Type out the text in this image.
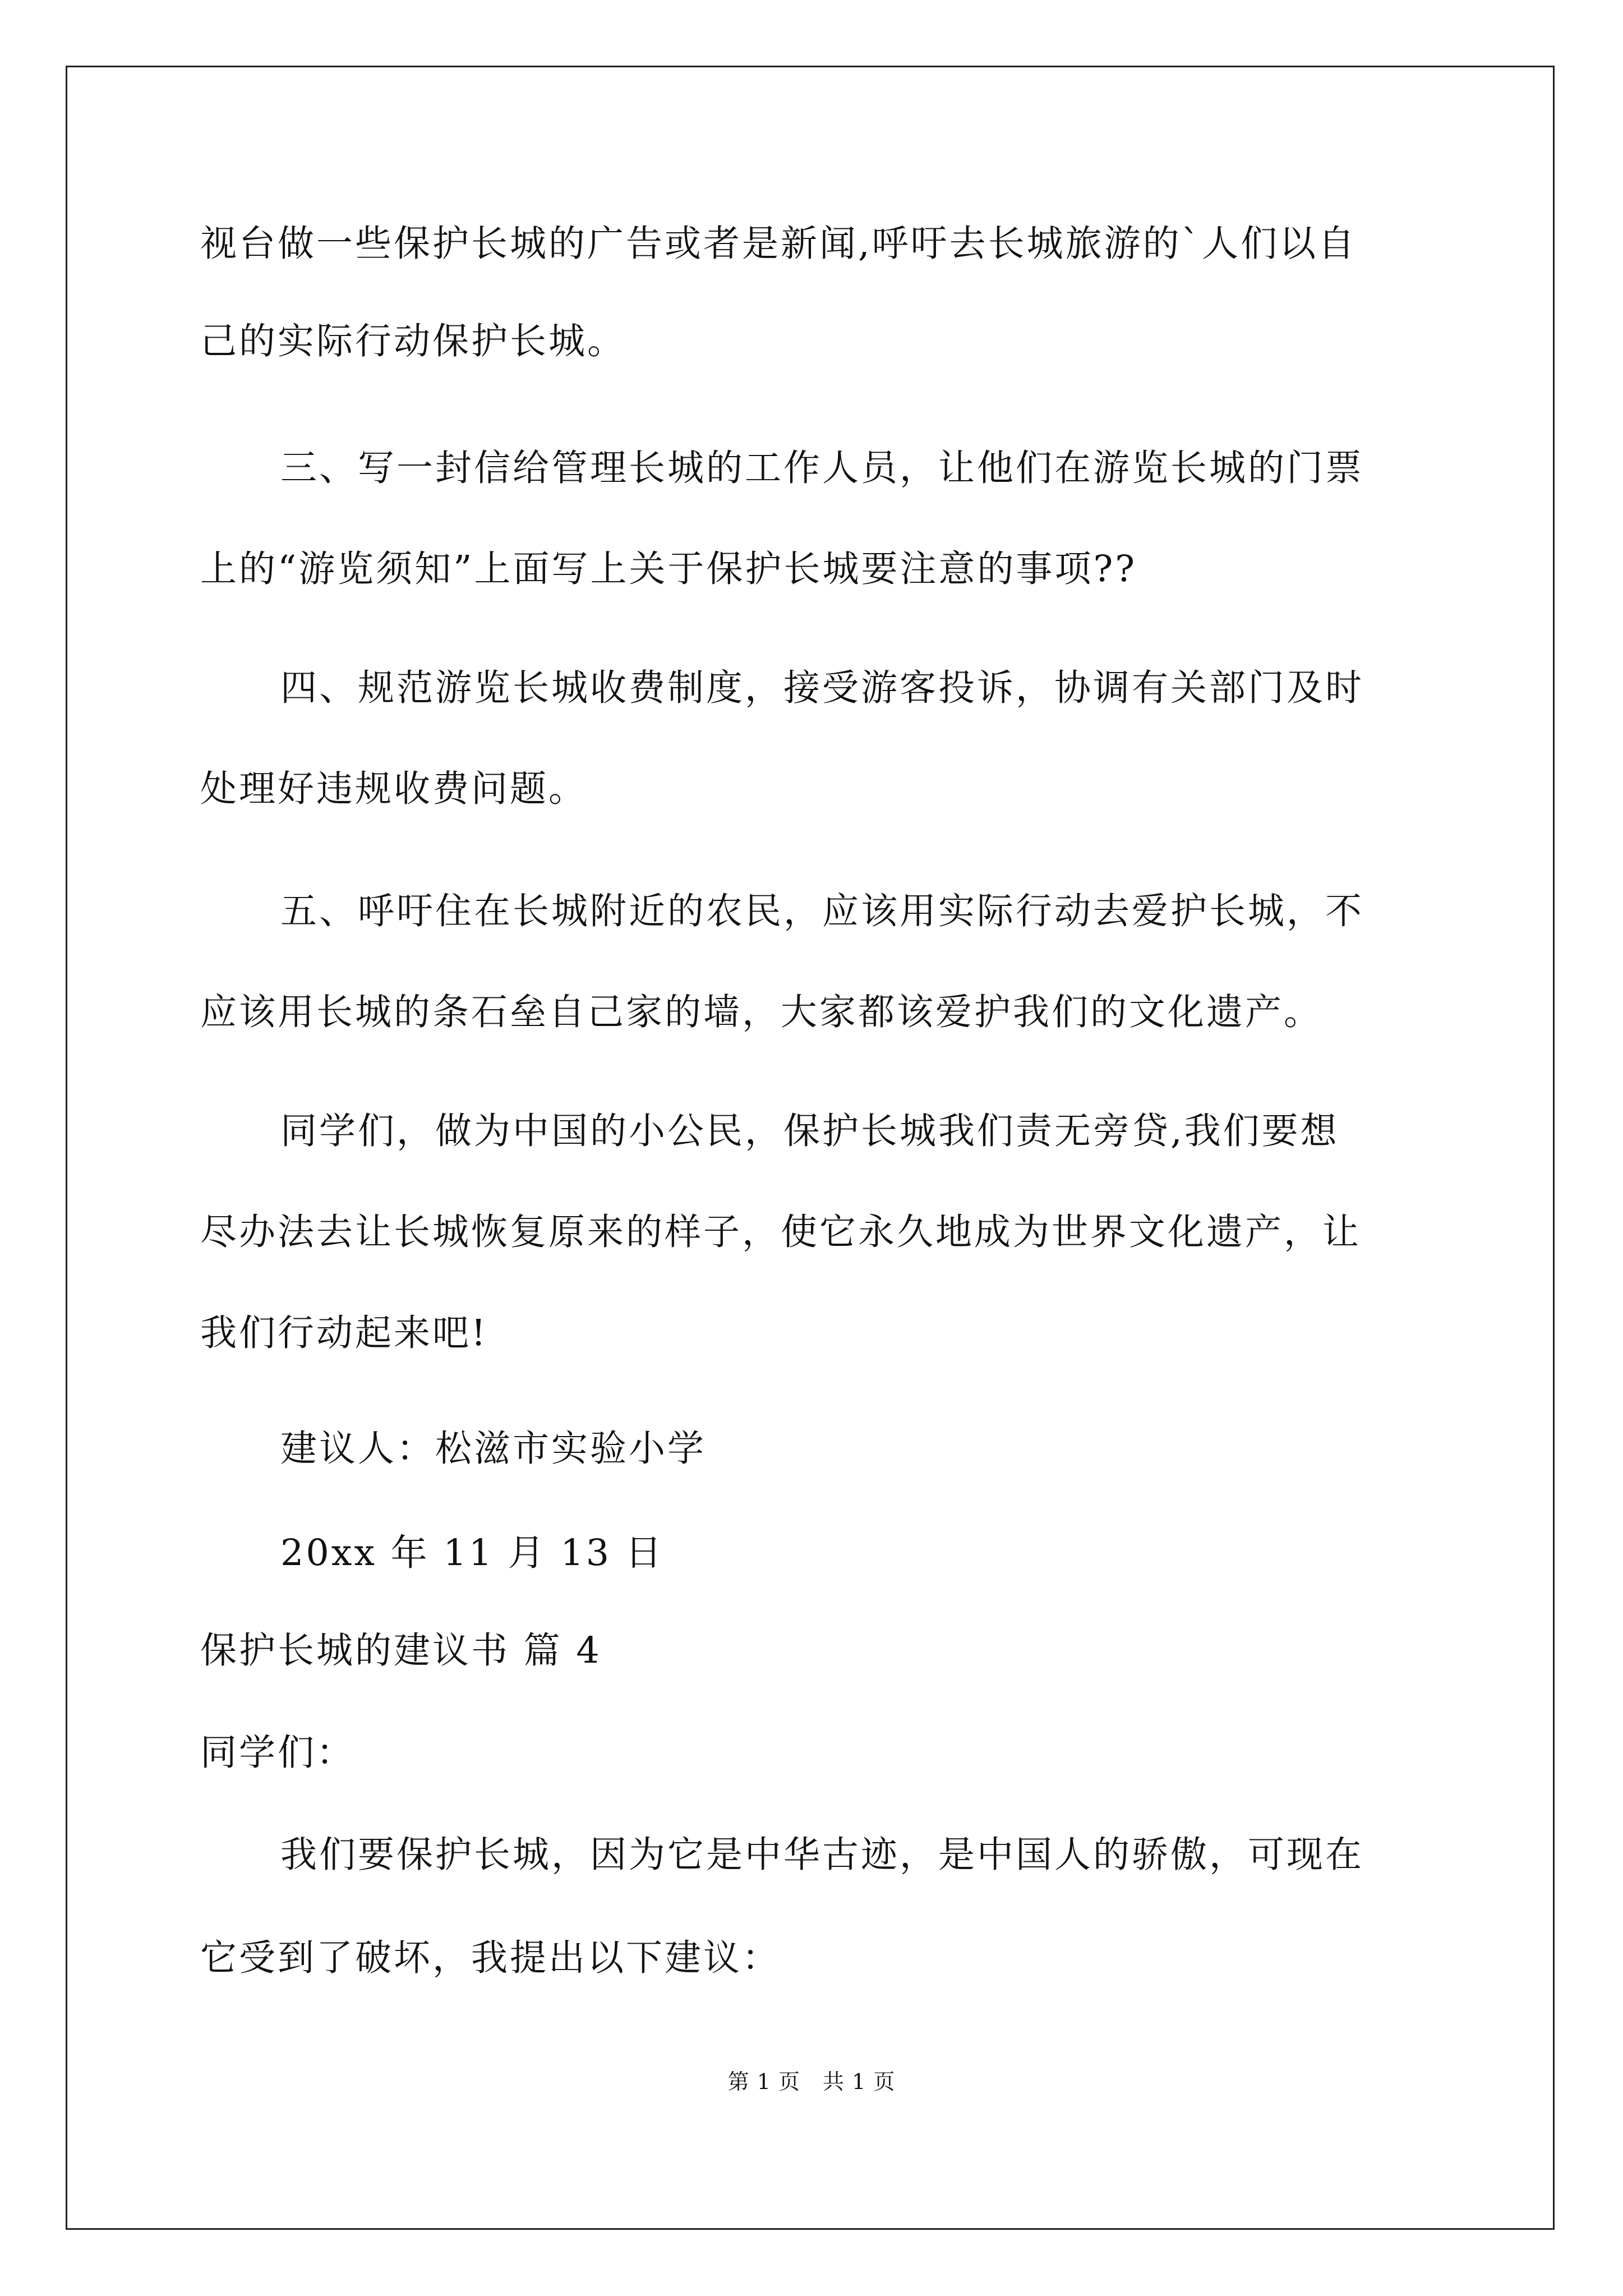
视台做一些保护长城的广告或者是新闻,呼吁去长城旅游的`人们以自
己的实际行动保护长城。
三、写一封信给管理长城的工作人员，让他们在游览长城的门票
上的“游览须知”上面写上关于保护长城要注意的事项??
四、规范游览长城收费制度，接受游客投诉，协调有关部门及时
处理好违规收费问题。
五、呼吁住在长城附近的农民，应该用实际行动去爱护长城，不
应该用长城的条石垒自己家的墙，大家都该爱护我们的文化遗产。
同学们，做为中国的小公民，保护长城我们责无旁贷,我们要想
尽办法去让长城恢复原来的样子，使它永久地成为世界文化遗产，让
我们行动起来吧!
建议人：松滋市实验小学
20xx 年 11 月 13 日
保护长城的建议书 篇 4
同学们：
我们要保护长城，因为它是中华古迹，是中国人的骄傲，可现在
它受到了破坏，我提出以下建议：
第 1 页 共 1 页
